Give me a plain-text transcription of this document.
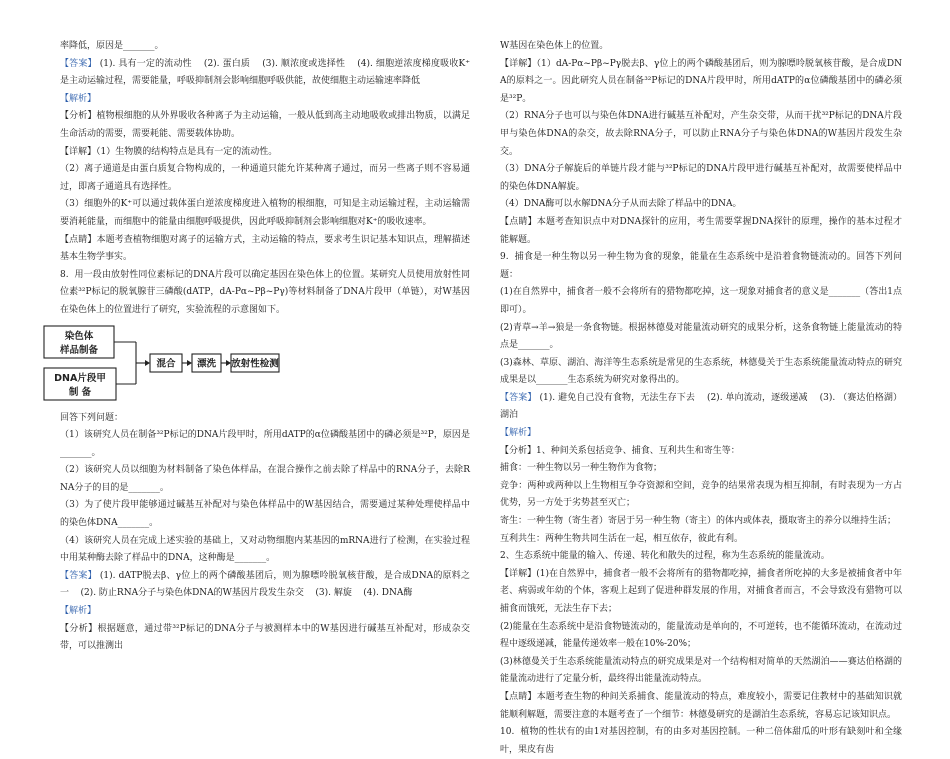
率降低，原因是_______。

【答案】 (1). 具有一定的流动性    (2). 蛋白质    (3). 顺浓度或选择性    (4). 细胞逆浓度梯度吸收K⁺是主动运输过程，需要能量，呼吸抑制剂会影响细胞呼吸供能，故使细胞主动运输速率降低

【解析】

【分析】植物根细胞的从外界吸收各种离子为主动运输，一般从低到高主动地吸收或排出物质，以满足生命活动的需要，需要耗能、需要载体协助。

【详解】（1）生物膜的结构特点是具有一定的流动性。

（2）离子通道是由蛋白质复合物构成的，一种通道只能允许某种离子通过，而另一些离子则不容易通过，即离子通道具有选择性。

（3）细胞外的K⁺可以通过载体蛋白逆浓度梯度进入植物的根细胞，可知是主动运输过程，主动运输需要消耗能量，而细胞中的能量由细胞呼吸提供，因此呼吸抑制剂会影响细胞对K⁺的吸收速率。

【点睛】本题考查植物细胞对离子的运输方式，主动运输的特点，要求考生识记基本知识点，理解描述基本生物学事实。

8.  用一段由放射性同位素标记的DNA片段可以确定基因在染色体上的位置。某研究人员使用放射性同位素³²P标记的脱氧腺苷三磷酸(dATP，dA-Pα~Pβ~Pγ)等材料制备了DNA片段甲（单链），对W基因在染色体上的位置进行了研究，实验流程的示意图如下。

染色体
样品制备
DNA片段甲
制 备
混合 漂洗 放射性检测

回答下列问题：

（1）该研究人员在制备³²P标记的DNA片段甲时，所用dATP的α位磷酸基团中的磷必须是³²P，原因是_______。

（2）该研究人员以细胞为材料制备了染色体样品，在混合操作之前去除了样品中的RNA分子，去除RNA分子的目的是_______。

（3）为了使片段甲能够通过碱基互补配对与染色体样品中的W基因结合，需要通过某种处理使样品中的染色体DNA_______。

（4）该研究人员在完成上述实验的基础上，又对动物细胞内某基因的mRNA进行了检测，在实验过程中用某种酶去除了样品中的DNA，这种酶是_______。

【答案】 (1). dATP脱去β、γ位上的两个磷酸基团后，则为腺嘌呤脱氧核苷酸，是合成DNA的原料之一    (2). 防止RNA分子与染色体DNA的W基因片段发生杂交    (3). 解旋    (4). DNA酶

【解析】

【分析】根据题意，通过带³²P标记的DNA分子与被测样本中的W基因进行碱基互补配对，形成杂交带，可以推测出

W基因在染色体上的位置。

【详解】（1）dA-Pα~Pβ~Pγ脱去β、γ位上的两个磷酸基团后，则为腺嘌呤脱氧核苷酸，是合成DNA的原料之一。因此研究人员在制备³²P标记的DNA片段甲时，所用dATP的α位磷酸基团中的磷必须是³²P。

（2）RNA分子也可以与染色体DNA进行碱基互补配对，产生杂交带，从而干扰³²P标记的DNA片段甲与染色体DNA的杂交，故去除RNA分子，可以防止RNA分子与染色体DNA的W基因片段发生杂交。

（3）DNA分子解旋后的单链片段才能与³²P标记的DNA片段甲进行碱基互补配对，故需要使样品中的染色体DNA解旋。

（4）DNA酶可以水解DNA分子从而去除了样品中的DNA。

【点睛】本题考查知识点中对DNA探针的应用，考生需要掌握DNA探针的原理，操作的基本过程才能解题。

9.  捕食是一种生物以另一种生物为食的现象，能量在生态系统中是沿着食物链流动的。回答下列问题：

(1)在自然界中，捕食者一般不会将所有的猎物都吃掉，这一现象对捕食者的意义是_______（答出1点即可）。

(2)青草→羊→狼是一条食物链。根据林德曼对能量流动研究的成果分析，这条食物链上能量流动的特点是_______。

(3)森林、草原、湖泊、海洋等生态系统是常见的生态系统，林德曼关于生态系统能量流动特点的研究成果是以_______生态系统为研究对象得出的。

【答案】 (1). 避免自己没有食物，无法生存下去    (2). 单向流动，逐级递减    (3). （赛达伯格湖）湖泊

【解析】

【分析】1、种间关系包括竞争、捕食、互利共生和寄生等：

捕食：一种生物以另一种生物作为食物；

竞争：两种或两种以上生物相互争夺资源和空间，竞争的结果常表现为相互抑制，有时表现为一方占优势，另一方处于劣势甚至灭亡；

寄生：一种生物（寄生者）寄居于另一种生物（寄主）的体内或体表，摄取寄主的养分以维持生活；

互利共生：两种生物共同生活在一起，相互依存，彼此有利。

2、生态系统中能量的输入、传递、转化和散失的过程，称为生态系统的能量流动。

【详解】(1)在自然界中，捕食者一般不会将所有的猎物都吃掉，捕食者所吃掉的大多是被捕食者中年老、病弱或年幼的个体，客观上起到了促进种群发展的作用，对捕食者而言，不会导致没有猎物可以捕食而饿死，无法生存下去；

(2)能量在生态系统中是沿食物链流动的，能量流动是单向的，不可逆转，也不能循环流动，在流动过程中逐级递减，能量传递效率一般在10%-20%；

(3)林德曼关于生态系统能量流动特点的研究成果是对一个结构相对简单的天然湖泊——赛达伯格湖的能量流动进行了定量分析，最终得出能量流动特点。

【点睛】本题考查生物的种间关系捕食、能量流动的特点，难度较小，需要记住教材中的基础知识就能顺利解题，需要注意的本题考查了一个细节：林德曼研究的是湖泊生态系统，容易忘记该知识点。

10.  植物的性状有的由1对基因控制，有的由多对基因控制。一种二倍体甜瓜的叶形有缺刻叶和全缘叶，果皮有齿
